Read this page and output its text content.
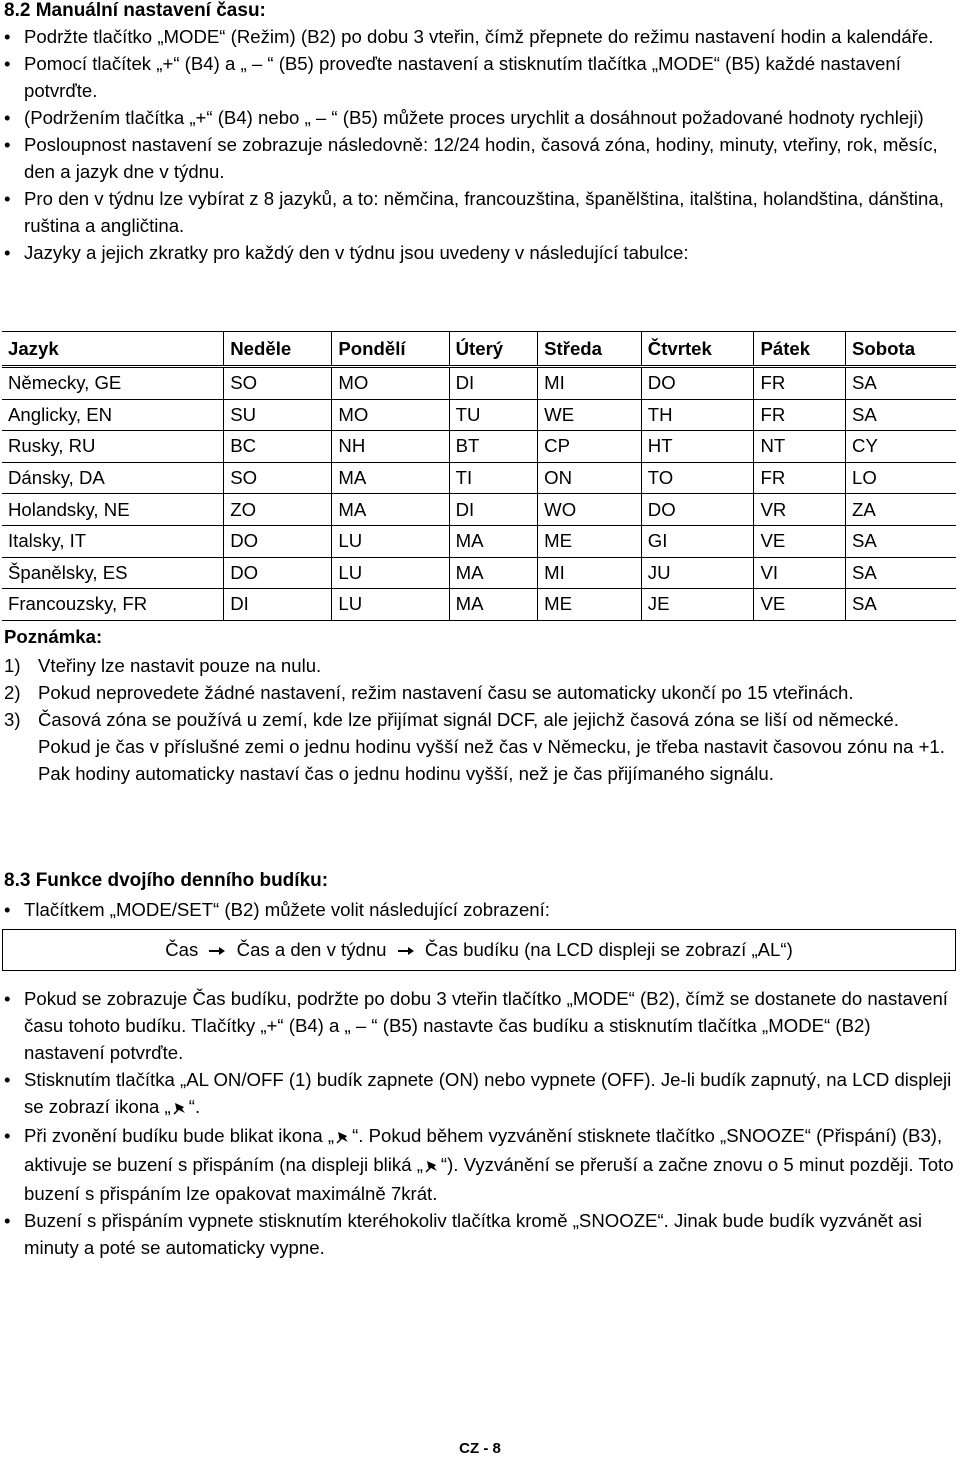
8.2 Manuální nastavení času:
• Podržte tlačítko „MODE“ (Režim) (B2) po dobu 3 vteřin, čímž přepnete do režimu nastavení hodin a kalendáře.
• Pomocí tlačítek „+“ (B4) a „ – “ (B5) proveďte nastavení a stisknutím tlačítka „MODE“ (B5) každé nastavení potvrďte.
• (Podržením tlačítka „+“ (B4) nebo „ – “ (B5) můžete proces urychlit a dosáhnout požadované hodnoty rychleji)
• Posloupnost nastavení se zobrazuje následovně: 12/24 hodin, časová zóna, hodiny, minuty, vteřiny, rok, měsíc, den a jazyk dne v týdnu.
• Pro den v týdnu lze vybírat z 8 jazyků, a to: němčina, francouzština, španělština, italština, holandština, dánština, ruština a angličtina.
• Jazyky a jejich zkratky pro každý den v týdnu jsou uvedeny v následující tabulce:
Jazyk	Neděle	Pondělí	Úterý	Středa	Čtvrtek	Pátek	Sobota
Německy, GE	SO	MO	DI	MI	DO	FR	SA
Anglicky, EN	SU	MO	TU	WE	TH	FR	SA
Rusky, RU	BC	NH	BT	CP	HT	NT	CY
Dánsky, DA	SO	MA	TI	ON	TO	FR	LO
Holandsky, NE	ZO	MA	DI	WO	DO	VR	ZA
Italsky, IT	DO	LU	MA	ME	GI	VE	SA
Španělsky, ES	DO	LU	MA	MI	JU	VI	SA
Francouzsky, FR	DI	LU	MA	ME	JE	VE	SA
Poznámka:
1) Vteřiny lze nastavit pouze na nulu.
2) Pokud neprovedete žádné nastavení, režim nastavení času se automaticky ukončí po 15 vteřinách.
3) Časová zóna se používá u zemí, kde lze přijímat signál DCF, ale jejichž časová zóna se liší od německé. Pokud je čas v příslušné zemi o jednu hodinu vyšší než čas v Německu, je třeba nastavit časovou zónu na +1. Pak hodiny automaticky nastaví čas o jednu hodinu vyšší, než je čas přijímaného signálu.
8.3 Funkce dvojího denního budíku:
• Tlačítkem „MODE/SET“ (B2) můžete volit následující zobrazení:
Čas Čas a den v týdnu Čas budíku (na LCD displeji se zobrazí „AL“)
• Pokud se zobrazuje Čas budíku, podržte po dobu 3 vteřin tlačítko „MODE“ (B2), čímž se dostanete do nastavení času tohoto budíku. Tlačítky „+“ (B4) a „ – “ (B5) nastavte čas budíku a stisknutím tlačítka „MODE“ (B2) nastavení potvrďte.
• Stisknutím tlačítka „AL ON/OFF (1) budík zapnete (ON) nebo vypnete (OFF). Je-li budík zapnutý, na LCD displeji se zobrazí ikona „ “.
• Při zvonění budíku bude blikat ikona „ “. Pokud během vyzvánění stisknete tlačítko „SNOOZE“ (Přispání) (B3), aktivuje se buzení s přispáním (na displeji bliká „ “). Vyzvánění se přeruší a začne znovu o 5 minut později. Toto buzení s přispáním lze opakovat maximálně 7krát.
• Buzení s přispáním vypnete stisknutím kteréhokoliv tlačítka kromě „SNOOZE“. Jinak bude budík vyzvánět asi minuty a poté se automaticky vypne.
CZ - 8
